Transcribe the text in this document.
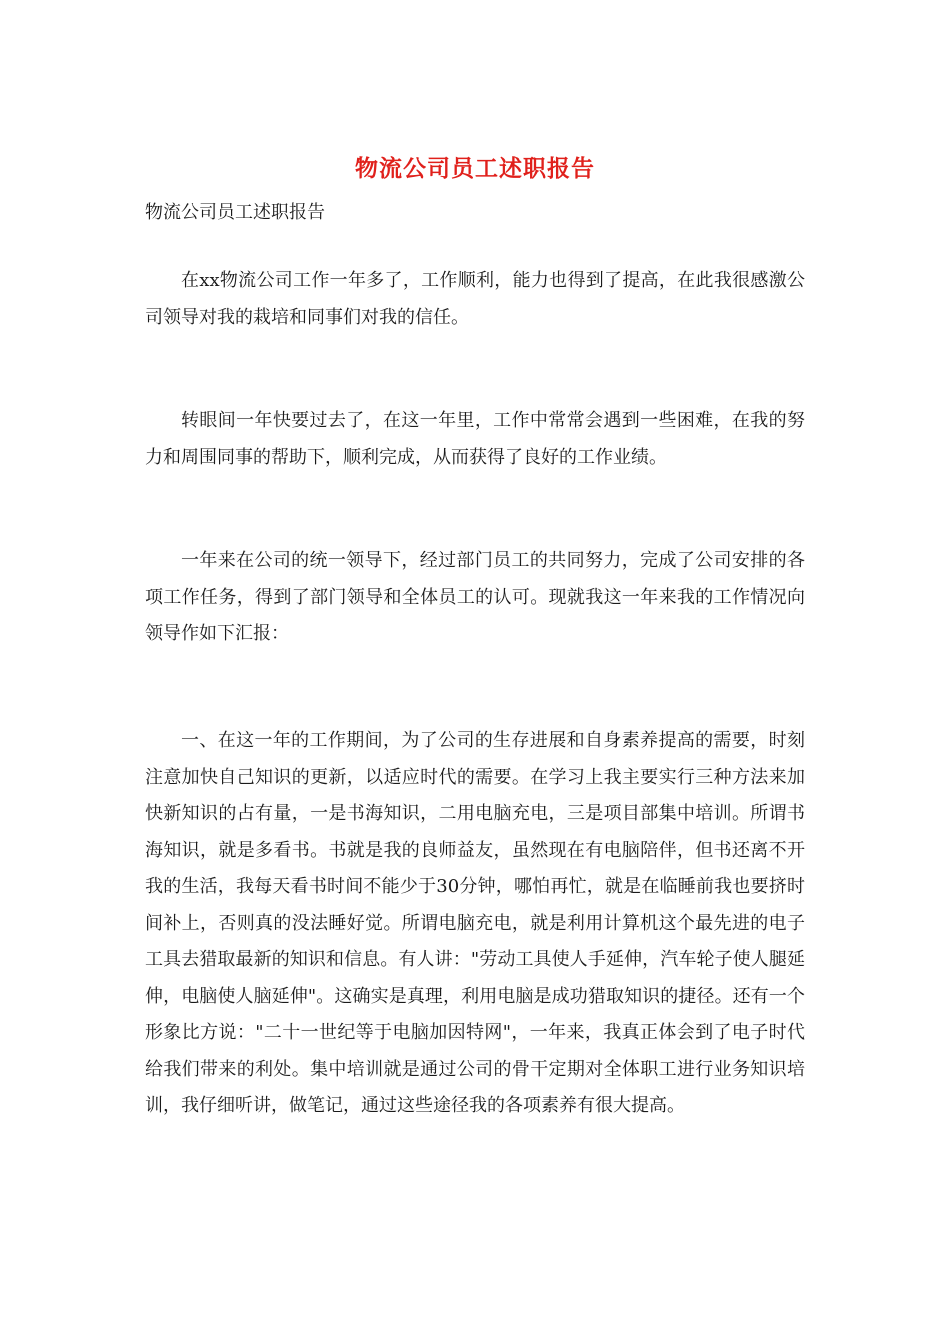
物流公司员工述职报告

物流公司员工述职报告

在xx物流公司工作一年多了，工作顺利，能力也得到了提高，在此我很感激公司领导对我的栽培和同事们对我的信任。

转眼间一年快要过去了，在这一年里，工作中常常会遇到一些困难，在我的努力和周围同事的帮助下，顺利完成，从而获得了良好的工作业绩。

一年来在公司的统一领导下，经过部门员工的共同努力，完成了公司安排的各项工作任务，得到了部门领导和全体员工的认可。现就我这一年来我的工作情况向领导作如下汇报：

一、在这一年的工作期间，为了公司的生存进展和自身素养提高的需要，时刻注意加快自己知识的更新，以适应时代的需要。在学习上我主要实行三种方法来加快新知识的占有量，一是书海知识，二用电脑充电，三是项目部集中培训。所谓书海知识，就是多看书。书就是我的良师益友，虽然现在有电脑陪伴，但书还离不开我的生活，我每天看书时间不能少于30分钟，哪怕再忙，就是在临睡前我也要挤时间补上，否则真的没法睡好觉。所谓电脑充电，就是利用计算机这个最先进的电子工具去猎取最新的知识和信息。有人讲："劳动工具使人手延伸，汽车轮子使人腿延伸，电脑使人脑延伸"。这确实是真理，利用电脑是成功猎取知识的捷径。还有一个形象比方说："二十一世纪等于电脑加因特网"，一年来，我真正体会到了电子时代给我们带来的利处。集中培训就是通过公司的骨干定期对全体职工进行业务知识培训，我仔细听讲，做笔记，通过这些途径我的各项素养有很大提高。
